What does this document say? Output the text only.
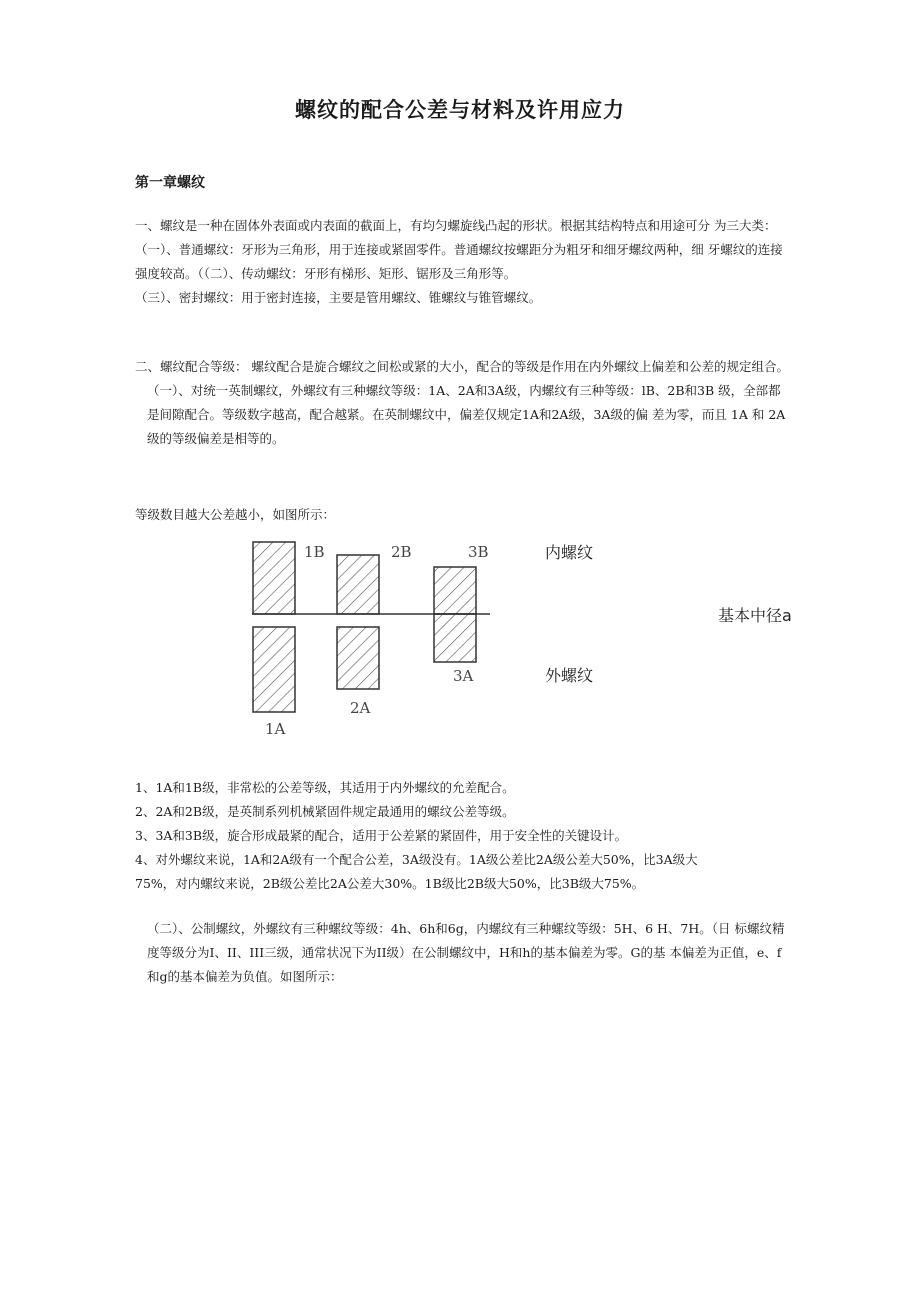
螺纹的配合公差与材料及许用应力
第一章螺纹

一、螺纹是一种在固体外表面或内表面的截面上，有均匀螺旋线凸起的形状。根据其结构特点和用途可分 为三大类：

（一）、普通螺纹：牙形为三角形，用于连接或紧固零件。普通螺纹按螺距分为粗牙和细牙螺纹两种，细 牙螺纹的连接强度较高。（（二）、传动螺纹：牙形有梯形、矩形、锯形及三角形等。

（三）、密封螺纹：用于密封连接，主要是管用螺纹、锥螺纹与锥管螺纹。

二、螺纹配合等级： 螺纹配合是旋合螺纹之间松或紧的大小，配合的等级是作用在内外螺纹上偏差和公差的规定组合。

（一）、对统一英制螺纹，外螺纹有三种螺纹等级：1A、2A和3A级，内螺纹有三种等级：lB、2B和3B 级，全部都是间隙配合。等级数字越高，配合越紧。在英制螺纹中，偏差仅规定1A和2A级，3A级的偏 差为零，而且 1A 和 2A 级的等级偏差是相等的。

等级数目越大公差越小，如图所示：

1B	2B	3B
1A
2A
3A
内螺纹
外螺纹
基本中径a

1、1A和1B级，非常松的公差等级，其适用于内外螺纹的允差配合。

2、2A和2B级，是英制系列机械紧固件规定最通用的螺纹公差等级。

3、3A和3B级，旋合形成最紧的配合，适用于公差紧的紧固件，用于安全性的关键设计。

4、对外螺纹来说，1A和2A级有一个配合公差，3A级没有。1A级公差比2A级公差大50%，比3A级大

75%，对内螺纹来说，2B级公差比2A公差大30%。1B级比2B级大50%，比3B级大75%。

（二）、公制螺纹，外螺纹有三种螺纹等级：4h、6h和6g，内螺纹有三种螺纹等级：5H、6 H、7H。（日 标螺纹精度等级分为I、II、III三级，通常状况下为II级）在公制螺纹中，H和h的基本偏差为零。G的基 本偏差为正值，e、f和g的基本偏差为负值。如图所示：
